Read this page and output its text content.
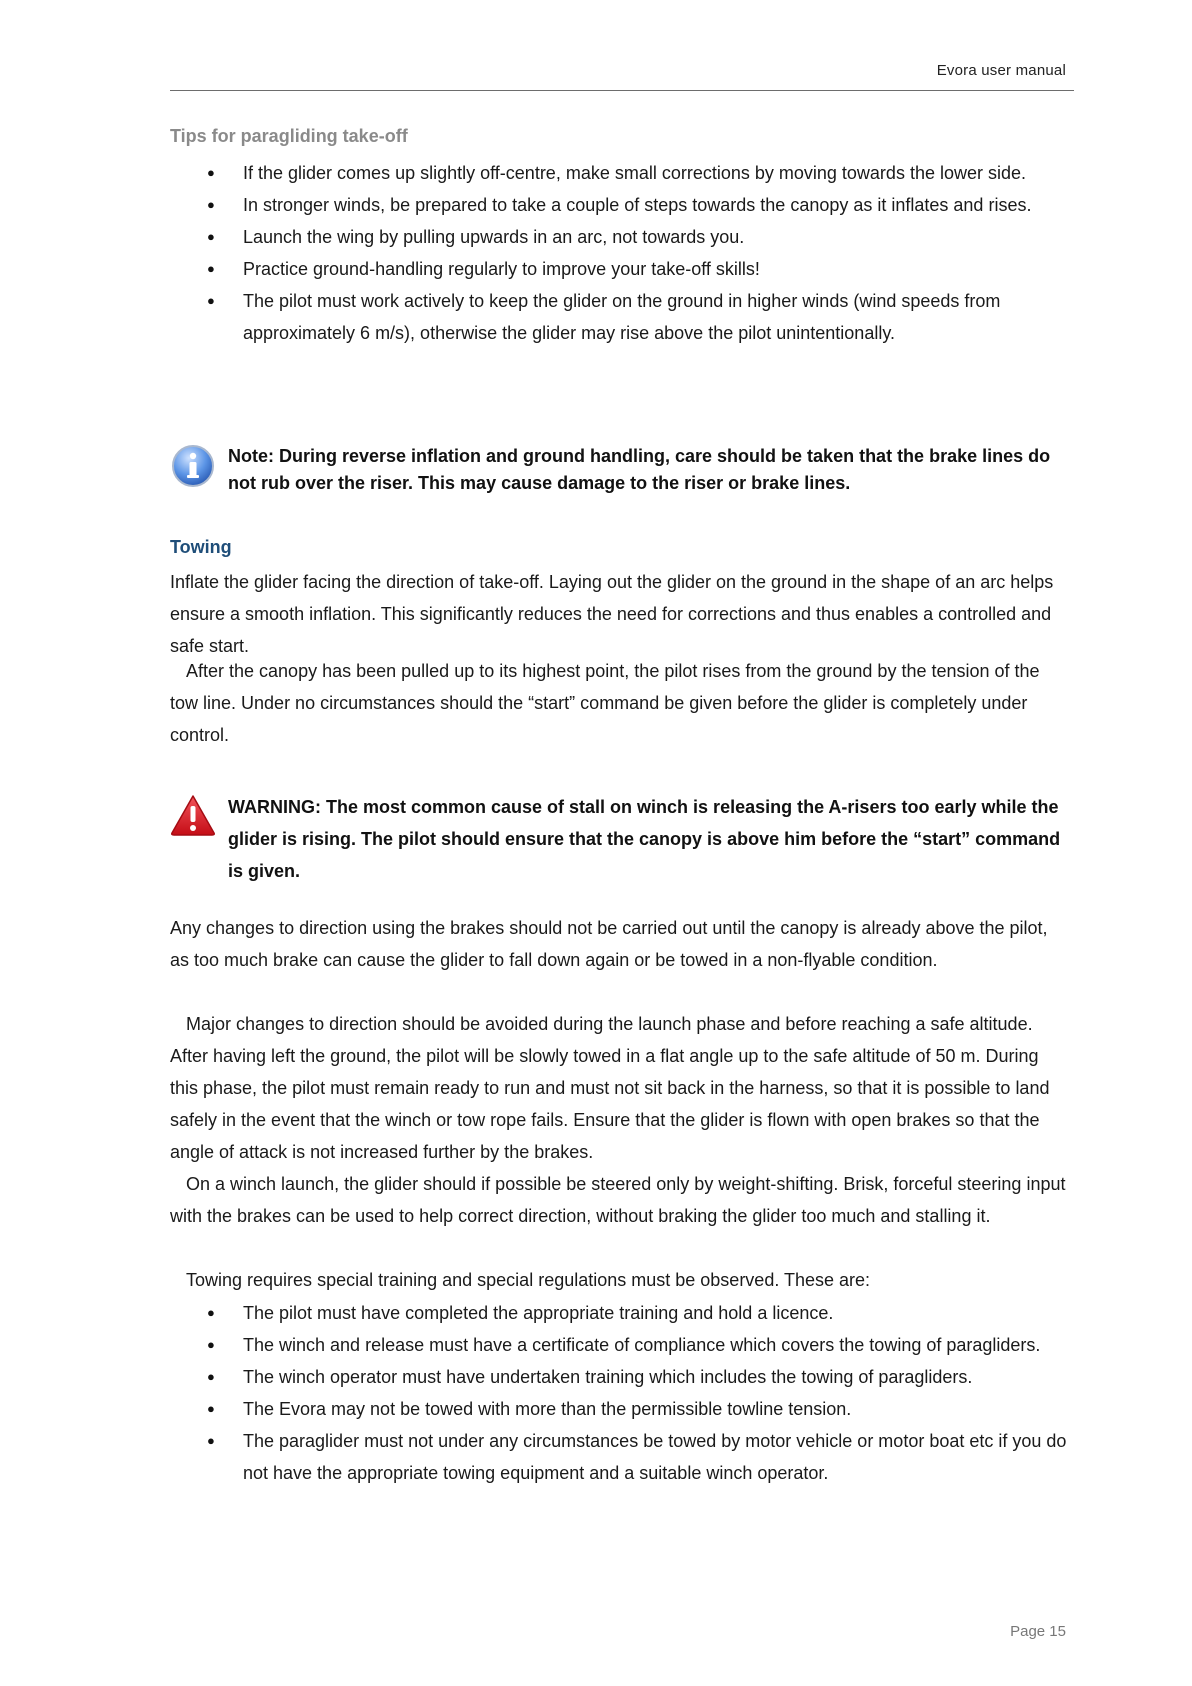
Evora user manual
Tips for paragliding take-off
● If the glider comes up slightly off-centre, make small corrections by moving towards the lower side.
● In stronger winds, be prepared to take a couple of steps towards the canopy as it inflates and rises.
● Launch the wing by pulling upwards in an arc, not towards you.
● Practice ground-handling regularly to improve your take-off skills!
● The pilot must work actively to keep the glider on the ground in higher winds (wind speeds from approximately 6 m/s), otherwise the glider may rise above the pilot unintentionally.
Note: During reverse inflation and ground handling, care should be taken that the brake lines do not rub over the riser. This may cause damage to the riser or brake lines.
Towing

Inflate the glider facing the direction of take-off. Laying out the glider on the ground in the shape of an arc helps ensure a smooth inflation. This significantly reduces the need for corrections and thus enables a controlled and safe start.

After the canopy has been pulled up to its highest point, the pilot rises from the ground by the tension of the tow line. Under no circumstances should the “start” command be given before the glider is completely under control.

WARNING: The most common cause of stall on winch is releasing the A-risers too early while the glider is rising. The pilot should ensure that the canopy is above him before the “start” command is given.

Any changes to direction using the brakes should not be carried out until the canopy is already above the pilot, as too much brake can cause the glider to fall down again or be towed in a non-flyable condition.

Major changes to direction should be avoided during the launch phase and before reaching a safe altitude. After having left the ground, the pilot will be slowly towed in a flat angle up to the safe altitude of 50 m. During this phase, the pilot must remain ready to run and must not sit back in the harness, so that it is possible to land safely in the event that the winch or tow rope fails. Ensure that the glider is flown with open brakes so that the angle of attack is not increased further by the brakes.

On a winch launch, the glider should if possible be steered only by weight-shifting. Brisk, forceful steering input with the brakes can be used to help correct direction, without braking the glider too much and stalling it.

Towing requires special training and special regulations must be observed. These are:

● The pilot must have completed the appropriate training and hold a licence.
● The winch and release must have a certificate of compliance which covers the towing of paragliders.
● The winch operator must have undertaken training which includes the towing of paragliders.
● The Evora may not be towed with more than the permissible towline tension.
● The paraglider must not under any circumstances be towed by motor vehicle or motor boat etc if you do not have the appropriate towing equipment and a suitable winch operator.
Page 15
